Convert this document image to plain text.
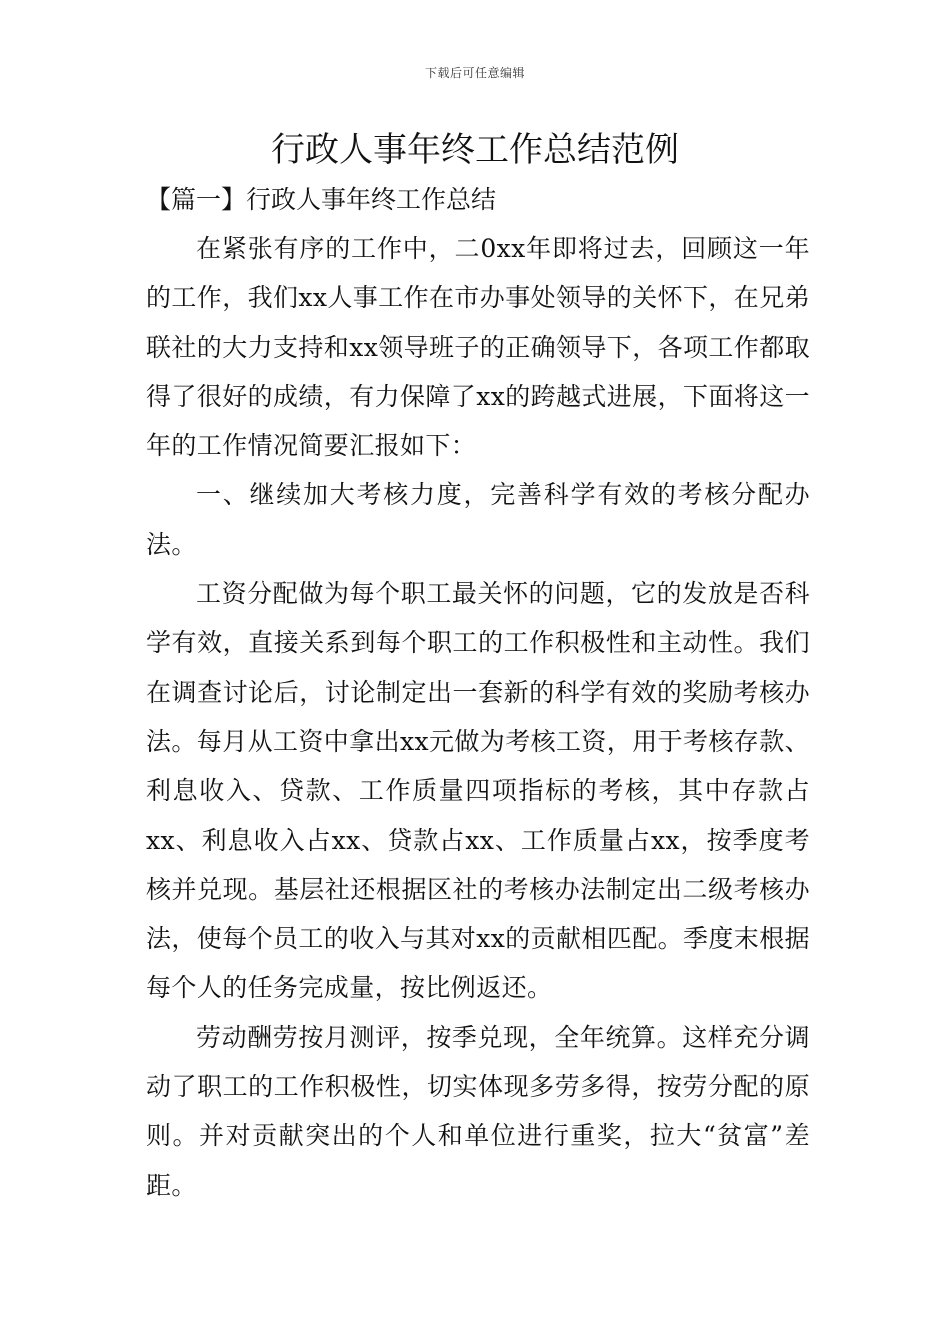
下载后可任意编辑
行政人事年终工作总结范例
【篇一】行政人事年终工作总结

在紧张有序的工作中，二0xx年即将过去，回顾这一年的工作，我们xx人事工作在市办事处领导的关怀下，在兄弟联社的大力支持和xx领导班子的正确领导下，各项工作都取得了很好的成绩，有力保障了xx的跨越式进展，下面将这一年的工作情况简要汇报如下：

一、继续加大考核力度，完善科学有效的考核分配办法。

工资分配做为每个职工最关怀的问题，它的发放是否科学有效，直接关系到每个职工的工作积极性和主动性。我们在调查讨论后，讨论制定出一套新的科学有效的奖励考核办法。每月从工资中拿出xx元做为考核工资，用于考核存款、利息收入、贷款、工作质量四项指标的考核，其中存款占xx、利息收入占xx、贷款占xx、工作质量占xx，按季度考核并兑现。基层社还根据区社的考核办法制定出二级考核办法，使每个员工的收入与其对xx的贡献相匹配。季度末根据每个人的任务完成量，按比例返还。

劳动酬劳按月测评，按季兑现，全年统算。这样充分调动了职工的工作积极性，切实体现多劳多得，按劳分配的原则。并对贡献突出的个人和单位进行重奖，拉大“贫富”差距。
